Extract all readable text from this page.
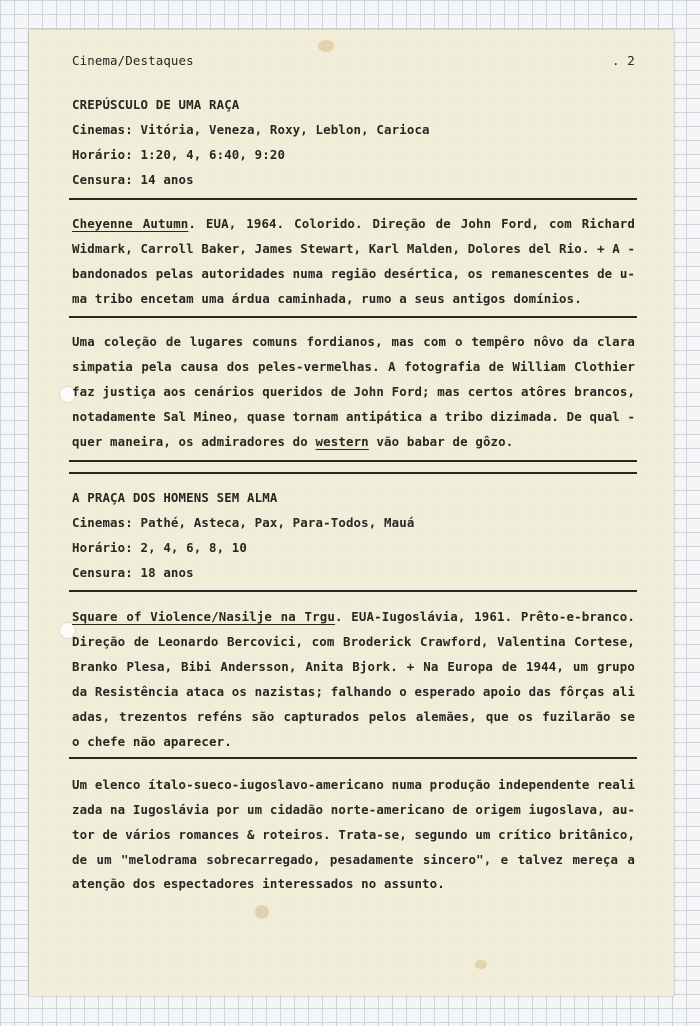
Cinema/Destaques	. 2

CREPÚSCULO DE UMA RAÇA

Cinemas: Vitória, Veneza, Roxy, Leblon, Carioca

Horário: 1:20, 4, 6:40, 9:20

Censura: 14 anos

Cheyenne Autumn. EUA, 1964. Colorido. Direção de John Ford, com Richard

Widmark, Carroll Baker, James Stewart, Karl Malden, Dolores del Rio. + A -

bandonados pelas autoridades numa região desértica, os remanescentes de u-

ma tribo encetam uma árdua caminhada, rumo a seus antigos domínios.

Uma coleção de lugares comuns fordianos, mas com o tempêro nôvo da clara

simpatia pela causa dos peles-vermelhas. A fotografia de William Clothier

faz justiça aos cenários queridos de John Ford; mas certos atôres brancos,

notadamente Sal Mineo, quase tornam antipática a tribo dizimada. De qual -

quer maneira, os admiradores do western vão babar de gôzo.

A PRAÇA DOS HOMENS SEM ALMA

Cinemas: Pathé, Asteca, Pax, Para-Todos, Mauá

Horário: 2, 4, 6, 8, 10

Censura: 18 anos

Square of Violence/Nasilje na Trgu. EUA-Iugoslávia, 1961. Prêto-e-branco.

Direção de Leonardo Bercovici, com Broderick Crawford, Valentina Cortese,

Branko Plesa, Bibi Andersson, Anita Bjork. + Na Europa de 1944, um grupo

da Resistência ataca os nazistas; falhando o esperado apoio das fôrças ali

adas, trezentos reféns são capturados pelos alemães, que os fuzilarão se

o chefe não aparecer.

Um elenco ítalo-sueco-iugoslavo-americano numa produção independente reali

zada na Iugoslávia por um cidadão norte-americano de origem iugoslava, au-

tor de vários romances & roteiros. Trata-se, segundo um crítico britânico,

de um "melodrama sobrecarregado, pesadamente sincero", e talvez mereça a

atenção dos espectadores interessados no assunto.
